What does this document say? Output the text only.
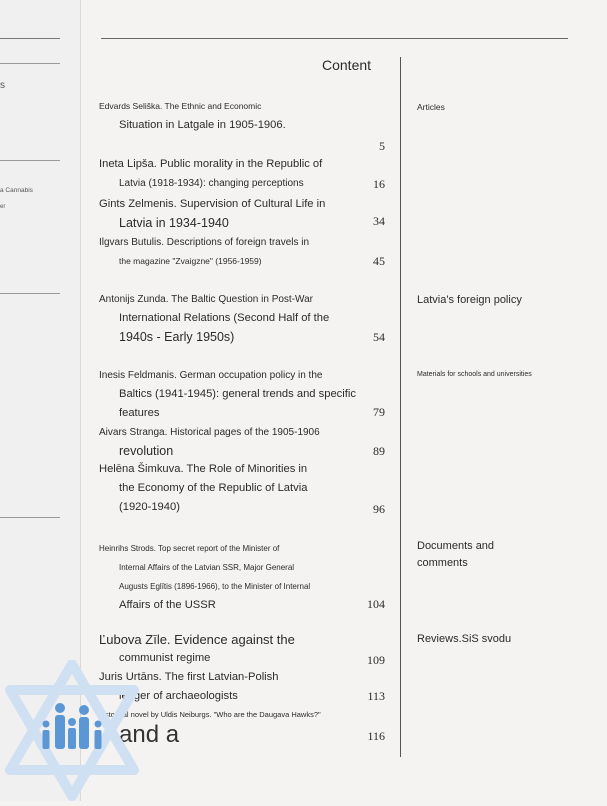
s
a Cannabis
er
Content
Edvards Seliška. The Ethnic and Economic
Situation in Latgale in 1905-1906.
5
Ineta Lipša. Public morality in the Republic of
Latvia (1918-1934): changing perceptions	16
Gints Zelmenis. Supervision of Cultural Life in
Latvia in 1934-1940	34
Ilgvars Butulis. Descriptions of foreign travels in
the magazine "Zvaigzne" (1956-1959)	45
Antonijs Zunda. The Baltic Question in Post-War
International Relations (Second Half of the
1940s - Early 1950s)	54
Inesis Feldmanis. German occupation policy in the
Baltics (1941-1945): general trends and specific
features	79
Aivars Stranga. Historical pages of the 1905-1906
revolution	89
Helēna Šimkuva. The Role of Minorities in
the Economy of the Republic of Latvia
(1920-1940)	96
Heinrihs Strods. Top secret report of the Minister of
Internal Affairs of the Latvian SSR, Major General
Augusts Eglītis (1896-1966), to the Minister of Internal
Affairs of the USSR	104
Ľubova Zīle. Evidence against the
communist regime	109
Juris Urtāns. The first Latvian-Polish
ledger of archaeologists	113
historical novel by Uldis Neiburgs. "Who are the Daugava Hawks?"
and a	116
Articles
Latvia's foreign policy
Materials for schools and universities
Documents and comments
Reviews.SiS svodu
